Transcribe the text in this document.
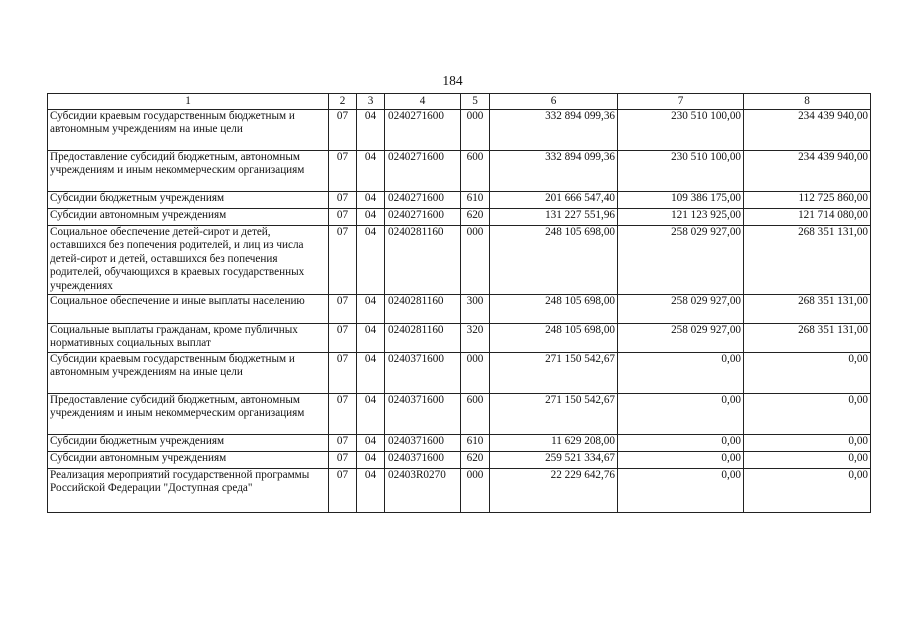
184
1	2	3	4	5	6	7	8
Субсидии краевым государственным бюджетным и автономным учреждениям на иные цели	07	04	0240271600	000	332 894 099,36	230 510 100,00	234 439 940,00
Предоставление субсидий бюджетным, автономным учреждениям и иным некоммерческим организациям	07	04	0240271600	600	332 894 099,36	230 510 100,00	234 439 940,00
Субсидии бюджетным учреждениям	07	04	0240271600	610	201 666 547,40	109 386 175,00	112 725 860,00
Субсидии автономным учреждениям	07	04	0240271600	620	131 227 551,96	121 123 925,00	121 714 080,00
Социальное обеспечение детей-сирот и детей, оставшихся без попечения родителей, и лиц из числа детей-сирот и детей, оставшихся без попечения родителей, обучающихся в краевых государственных учреждениях	07	04	0240281160	000	248 105 698,00	258 029 927,00	268 351 131,00
Социальное обеспечение и иные выплаты населению	07	04	0240281160	300	248 105 698,00	258 029 927,00	268 351 131,00
Социальные выплаты гражданам, кроме публичных нормативных социальных выплат	07	04	0240281160	320	248 105 698,00	258 029 927,00	268 351 131,00
Субсидии краевым государственным бюджетным и автономным учреждениям на иные цели	07	04	0240371600	000	271 150 542,67	0,00	0,00
Предоставление субсидий бюджетным, автономным учреждениям и иным некоммерческим организациям	07	04	0240371600	600	271 150 542,67	0,00	0,00
Субсидии бюджетным учреждениям	07	04	0240371600	610	11 629 208,00	0,00	0,00
Субсидии автономным учреждениям	07	04	0240371600	620	259 521 334,67	0,00	0,00
Реализация мероприятий государственной программы Российской Федерации "Доступная среда"	07	04	02403R0270	000	22 229 642,76	0,00	0,00
